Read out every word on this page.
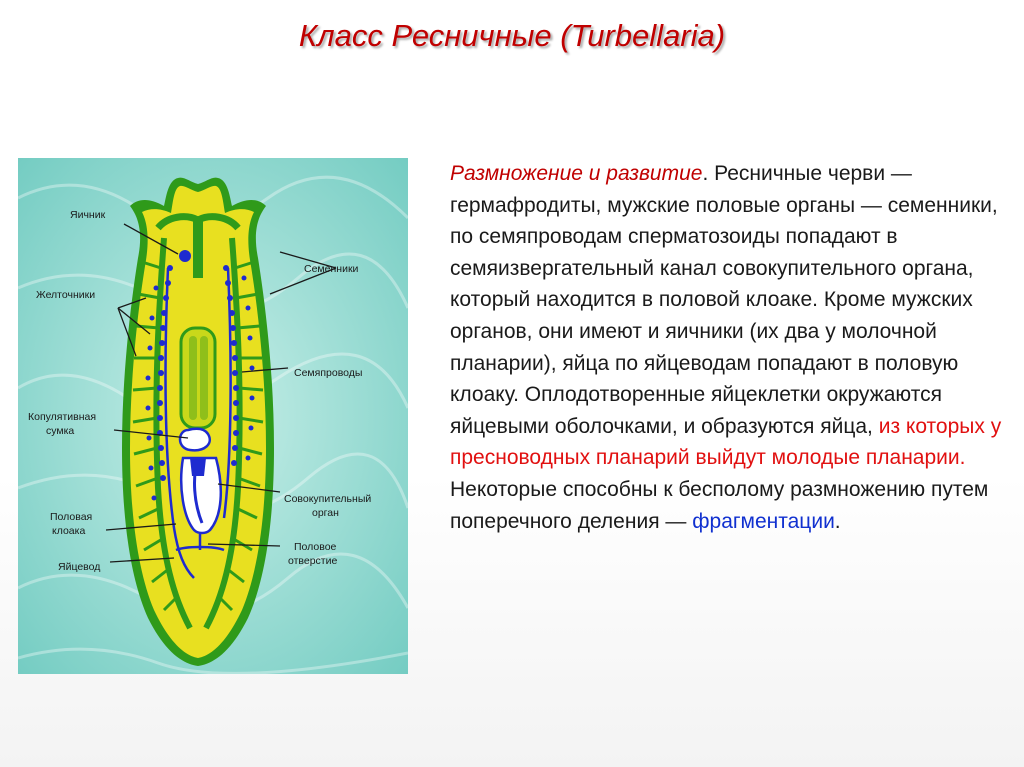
Класс Ресничные (Turbellaria)
Яичник
Желточники
Копулятивная
сумка
Половая
клоака
Яйцевод
Семенники
Семяпроводы
Совокупительный
орган
Половое
отверстие

Размножение и развитие. Ресничные черви — гермафродиты, мужские половые органы — семенники, по семяпроводам сперматозоиды попадают в семяизвергательный канал совокупительного органа, который находится в половой клоаке. Кроме мужских органов, они имеют и яичники (их два у молочной планарии), яйца по яйцеводам попадают в половую клоаку. Оплодотворенные яйцеклетки окружаются яйцевыми оболочками, и образуются яйца, из которых у пресноводных планарий выйдут молодые планарии.

Некоторые способны к бесполому размножению путем поперечного деления — фрагментации.
